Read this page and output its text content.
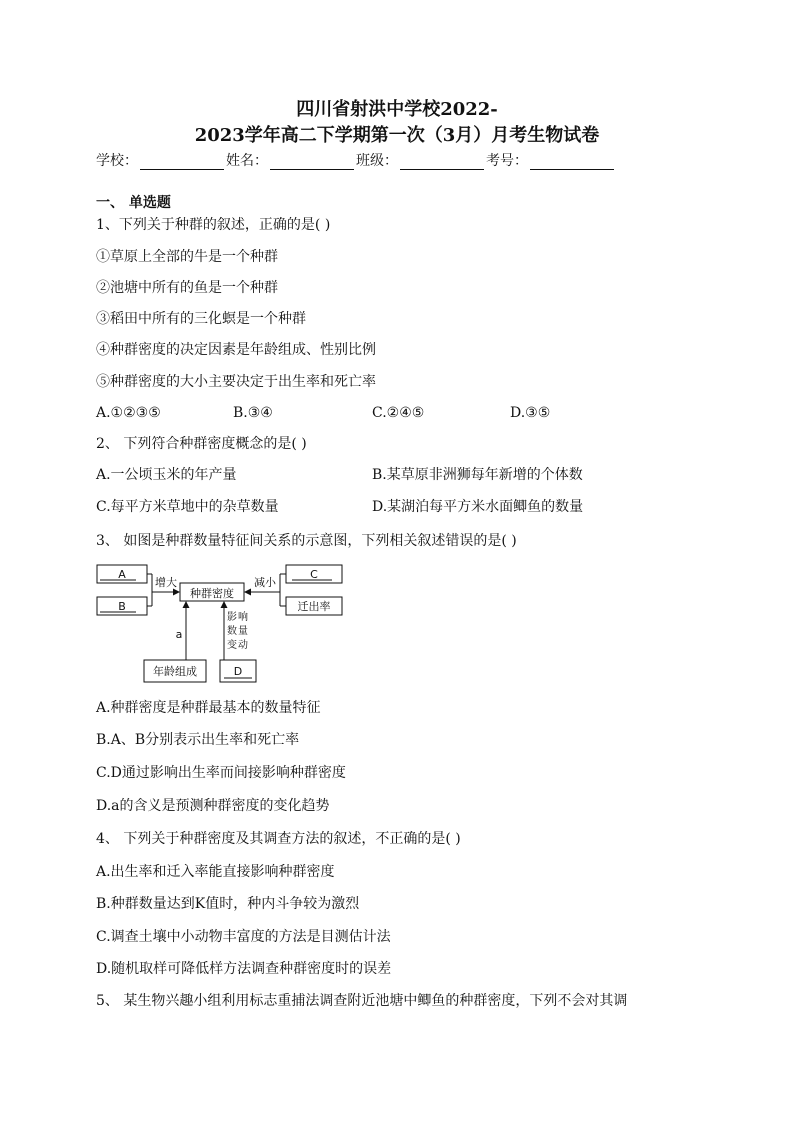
四川省射洪中学校2022-
2023学年高二下学期第一次（3月）月考生物试卷
学校：	姓名：	班级：	考号：
一、 单选题
1、下列关于种群的叙述，正确的是( )
①草原上全部的牛是一个种群
②池塘中所有的鱼是一个种群
③稻田中所有的三化螟是一个种群
④种群密度的决定因素是年龄组成、性别比例
⑤种群密度的大小主要决定于出生率和死亡率
A.①②③⑤	B.③④	C.②④⑤	D.③⑤
2、 下列符合种群密度概念的是( )
A.一公顷玉米的年产量	B.某草原非洲狮每年新增的个体数
C.每平方米草地中的杂草数量	D.某湖泊每平方米水面鲫鱼的数量
3、 如图是种群数量特征间关系的示意图，下列相关叙述错误的是( )
A
B
种群密度
C
迁出率
年龄组成	D
增大	减小
a
影 响
数 量
变 动
A.种群密度是种群最基本的数量特征
B.A、B分别表示出生率和死亡率
C.D通过影响出生率而间接影响种群密度
D.a的含义是预测种群密度的变化趋势
4、 下列关于种群密度及其调查方法的叙述，不正确的是( )
A.出生率和迁入率能直接影响种群密度
B.种群数量达到K值时，种内斗争较为激烈
C.调查土壤中小动物丰富度的方法是目测估计法
D.随机取样可降低样方法调查种群密度时的误差
5、 某生物兴趣小组利用标志重捕法调查附近池塘中鲫鱼的种群密度，下列不会对其调
